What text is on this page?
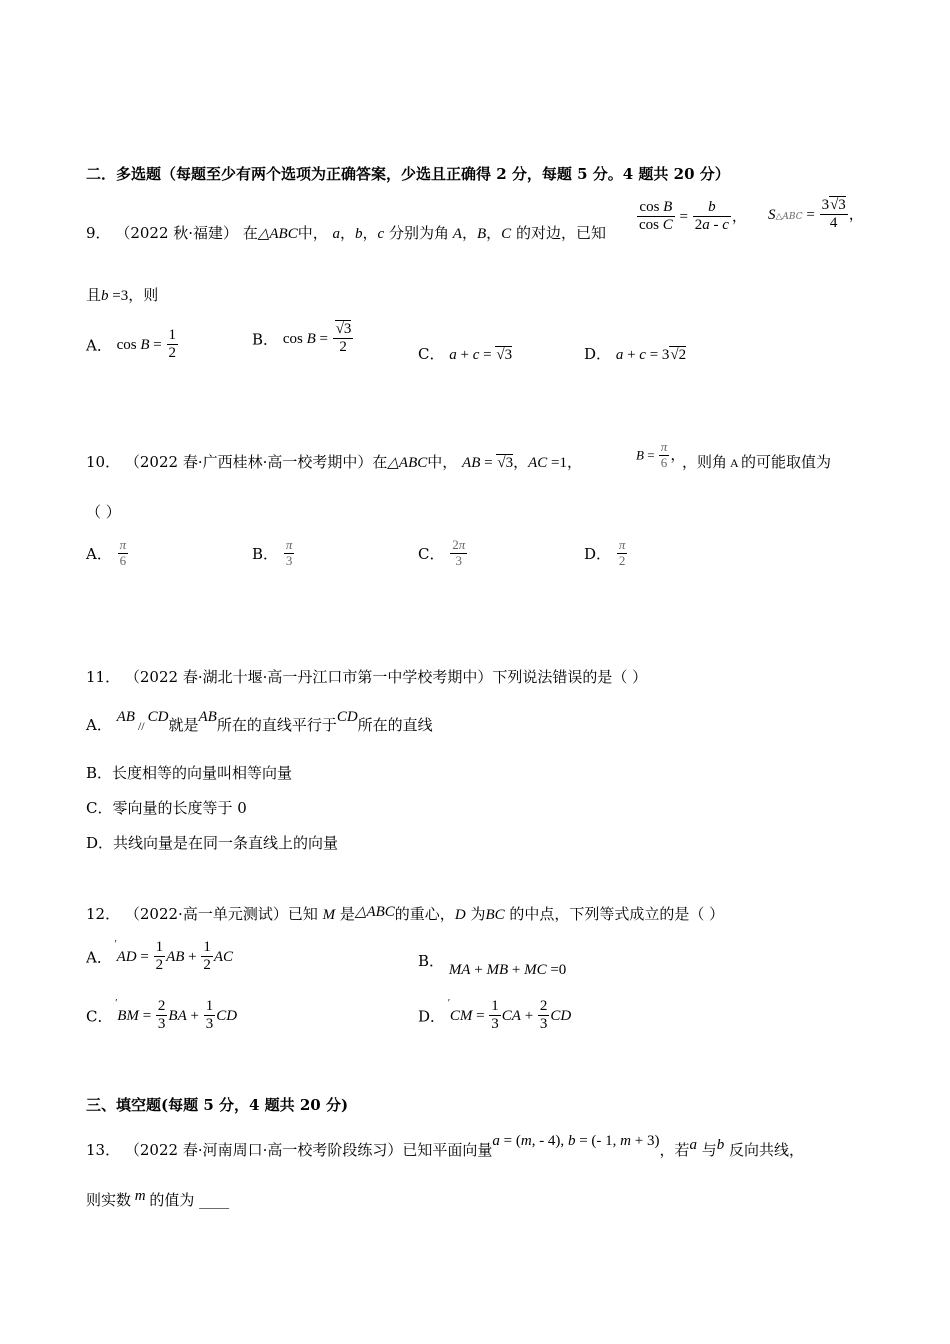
二．多选题（每题至少有两个选项为正确答案，少选且正确得 2 分，每题 5 分。4 题共 20 分）
9． （2022 秋·福建） 在△ABC中， a，b，c 分别为角 A，B，C 的对边，已知 $\frac{\text{cos B}}{\text{cos C}} = \frac{b}{2a - c}$ ， S△ABC = $\frac{3√3}{4}$ ，
且b =3，则
A． $\cos B = \frac{1}{2}$	B． $\cos B = \frac{√3}{2}$	C． a + c = √3	D． a + c = 3√2
10． （2022 春·广西桂林·高一校考期中）在△ABC中， AB = √3，AC =1，	$B = \frac{\pi}{6}$ ，
，则角 A 的可能取值为
（ ）
A． $\frac{\pi}{6}$	B． $\frac{\pi}{3}$	C． $\frac{2\pi}{3}$	D． $\frac{\pi}{2}$
11． （2022 春·湖北十堰·高一丹江口市第一中学校考期中）下列说法错误的是（ ）
A． AB // CD就是AB所在的直线平行于CD所在的直线
B．长度相等的向量叫相等向量
C．零向量的长度等于 0
D．共线向量是在同一条直线上的向量
12． （2022·高一单元测试）已知 M 是△ABC的重心，D 为BC 的中点，下列等式成立的是（ ）
A． ′ AD = $\frac{1}{2}$ AB + $\frac{1}{2}$ AC	B． MA + MB + MC =0
C． ′ BM = $\frac{2}{3}$ BA + $\frac{1}{3}$ CD	D． ′ CM = $\frac{1}{3}$ CA + $\frac{2}{3}$ CD
三、填空题(每题 5 分，4 题共 20 分)
13． （2022 春·河南周口·高一校考阶段练习）已知平面向量a = (m, - 4), b = (- 1, m + 3)，若a 与b 反向共线，
则实数 m 的值为 ____
